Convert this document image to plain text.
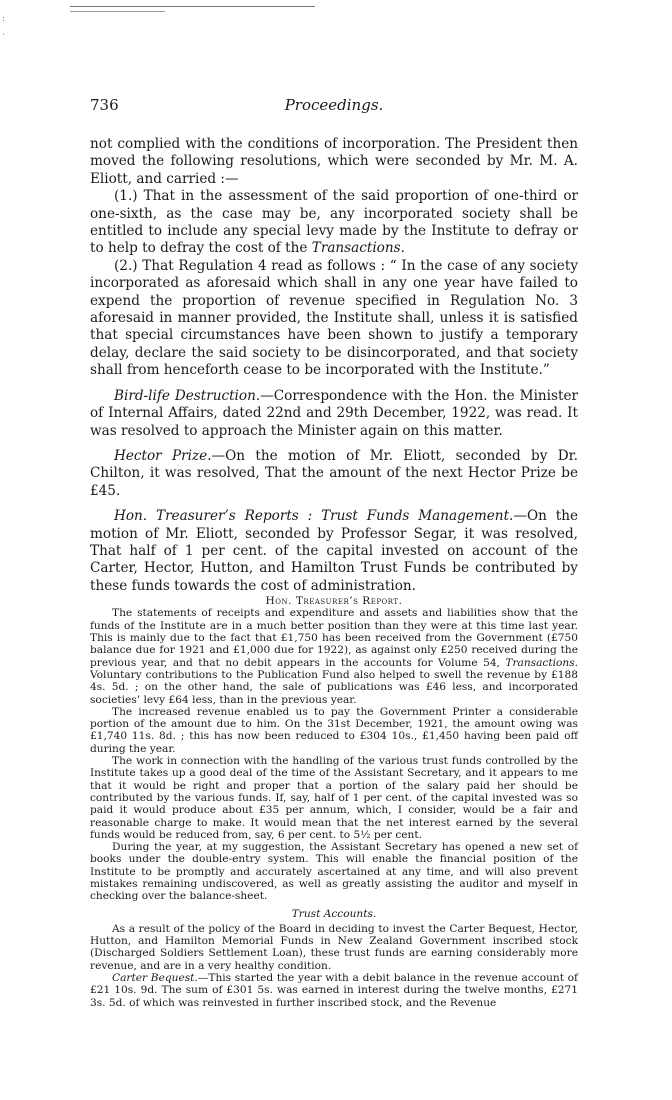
:
·
736	Proceedings.

not complied with the conditions of incorporation. The President then moved the following resolutions, which were seconded by Mr. M. A. Eliott, and carried :—

(1.) That in the assessment of the said proportion of one-third or one-sixth, as the case may be, any incorporated society shall be entitled to include any special levy made by the Institute to defray or to help to defray the cost of the Transactions.

(2.) That Regulation 4 read as follows : “ In the case of any society incorporated as aforesaid which shall in any one year have failed to expend the proportion of revenue specified in Regulation No. 3 aforesaid in manner provided, the Institute shall, unless it is satisfied that special circumstances have been shown to justify a temporary delay, declare the said society to be disincorporated, and that society shall from henceforth cease to be incorporated with the Institute.”

Bird-life Destruction.—Correspondence with the Hon. the Minister of Internal Affairs, dated 22nd and 29th December, 1922, was read. It was resolved to approach the Minister again on this matter.

Hector Prize.—On the motion of Mr. Eliott, seconded by Dr. Chilton, it was resolved, That the amount of the next Hector Prize be £45.

Hon. Treasurer’s Reports : Trust Funds Management.—On the motion of Mr. Eliott, seconded by Professor Segar, it was resolved, That half of 1 per cent. of the capital invested on account of the Carter, Hector, Hutton, and Hamilton Trust Funds be contributed by these funds towards the cost of administration.

Hon. Treasurer’s Report.

The statements of receipts and expenditure and assets and liabilities show that the funds of the Institute are in a much better position than they were at this time last year. This is mainly due to the fact that £1,750 has been received from the Government (£750 balance due for 1921 and £1,000 due for 1922), as against only £250 received during the previous year, and that no debit appears in the accounts for Volume 54, Transactions. Voluntary contributions to the Publication Fund also helped to swell the revenue by £188 4s. 5d. ; on the other hand, the sale of publications was £46 less, and incorporated societies’ levy £64 less, than in the previous year.

The increased revenue enabled us to pay the Government Printer a considerable portion of the amount due to him. On the 31st December, 1921, the amount owing was £1,740 11s. 8d. ; this has now been reduced to £304 10s., £1,450 having been paid off during the year.

The work in connection with the handling of the various trust funds controlled by the Institute takes up a good deal of the time of the Assistant Secretary, and it appears to me that it would be right and proper that a portion of the salary paid her should be contributed by the various funds. If, say, half of 1 per cent. of the capital invested was so paid it would produce about £35 per annum, which, I consider, would be a fair and reasonable charge to make. It would mean that the net interest earned by the several funds would be reduced from, say, 6 per cent. to 5½ per cent.

During the year, at my suggestion, the Assistant Secretary has opened a new set of books under the double-entry system. This will enable the financial position of the Institute to be promptly and accurately ascertained at any time, and will also prevent mistakes remaining undiscovered, as well as greatly assisting the auditor and myself in checking over the balance-sheet.

Trust Accounts.

As a result of the policy of the Board in deciding to invest the Carter Bequest, Hector, Hutton, and Hamilton Memorial Funds in New Zealand Government inscribed stock (Discharged Soldiers Settlement Loan), these trust funds are earning considerably more revenue, and are in a very healthy condition.

Carter Bequest.—This started the year with a debit balance in the revenue account of £21 10s. 9d. The sum of £301 5s. was earned in interest during the twelve months, £271 3s. 5d. of which was reinvested in further inscribed stock, and the Revenue
